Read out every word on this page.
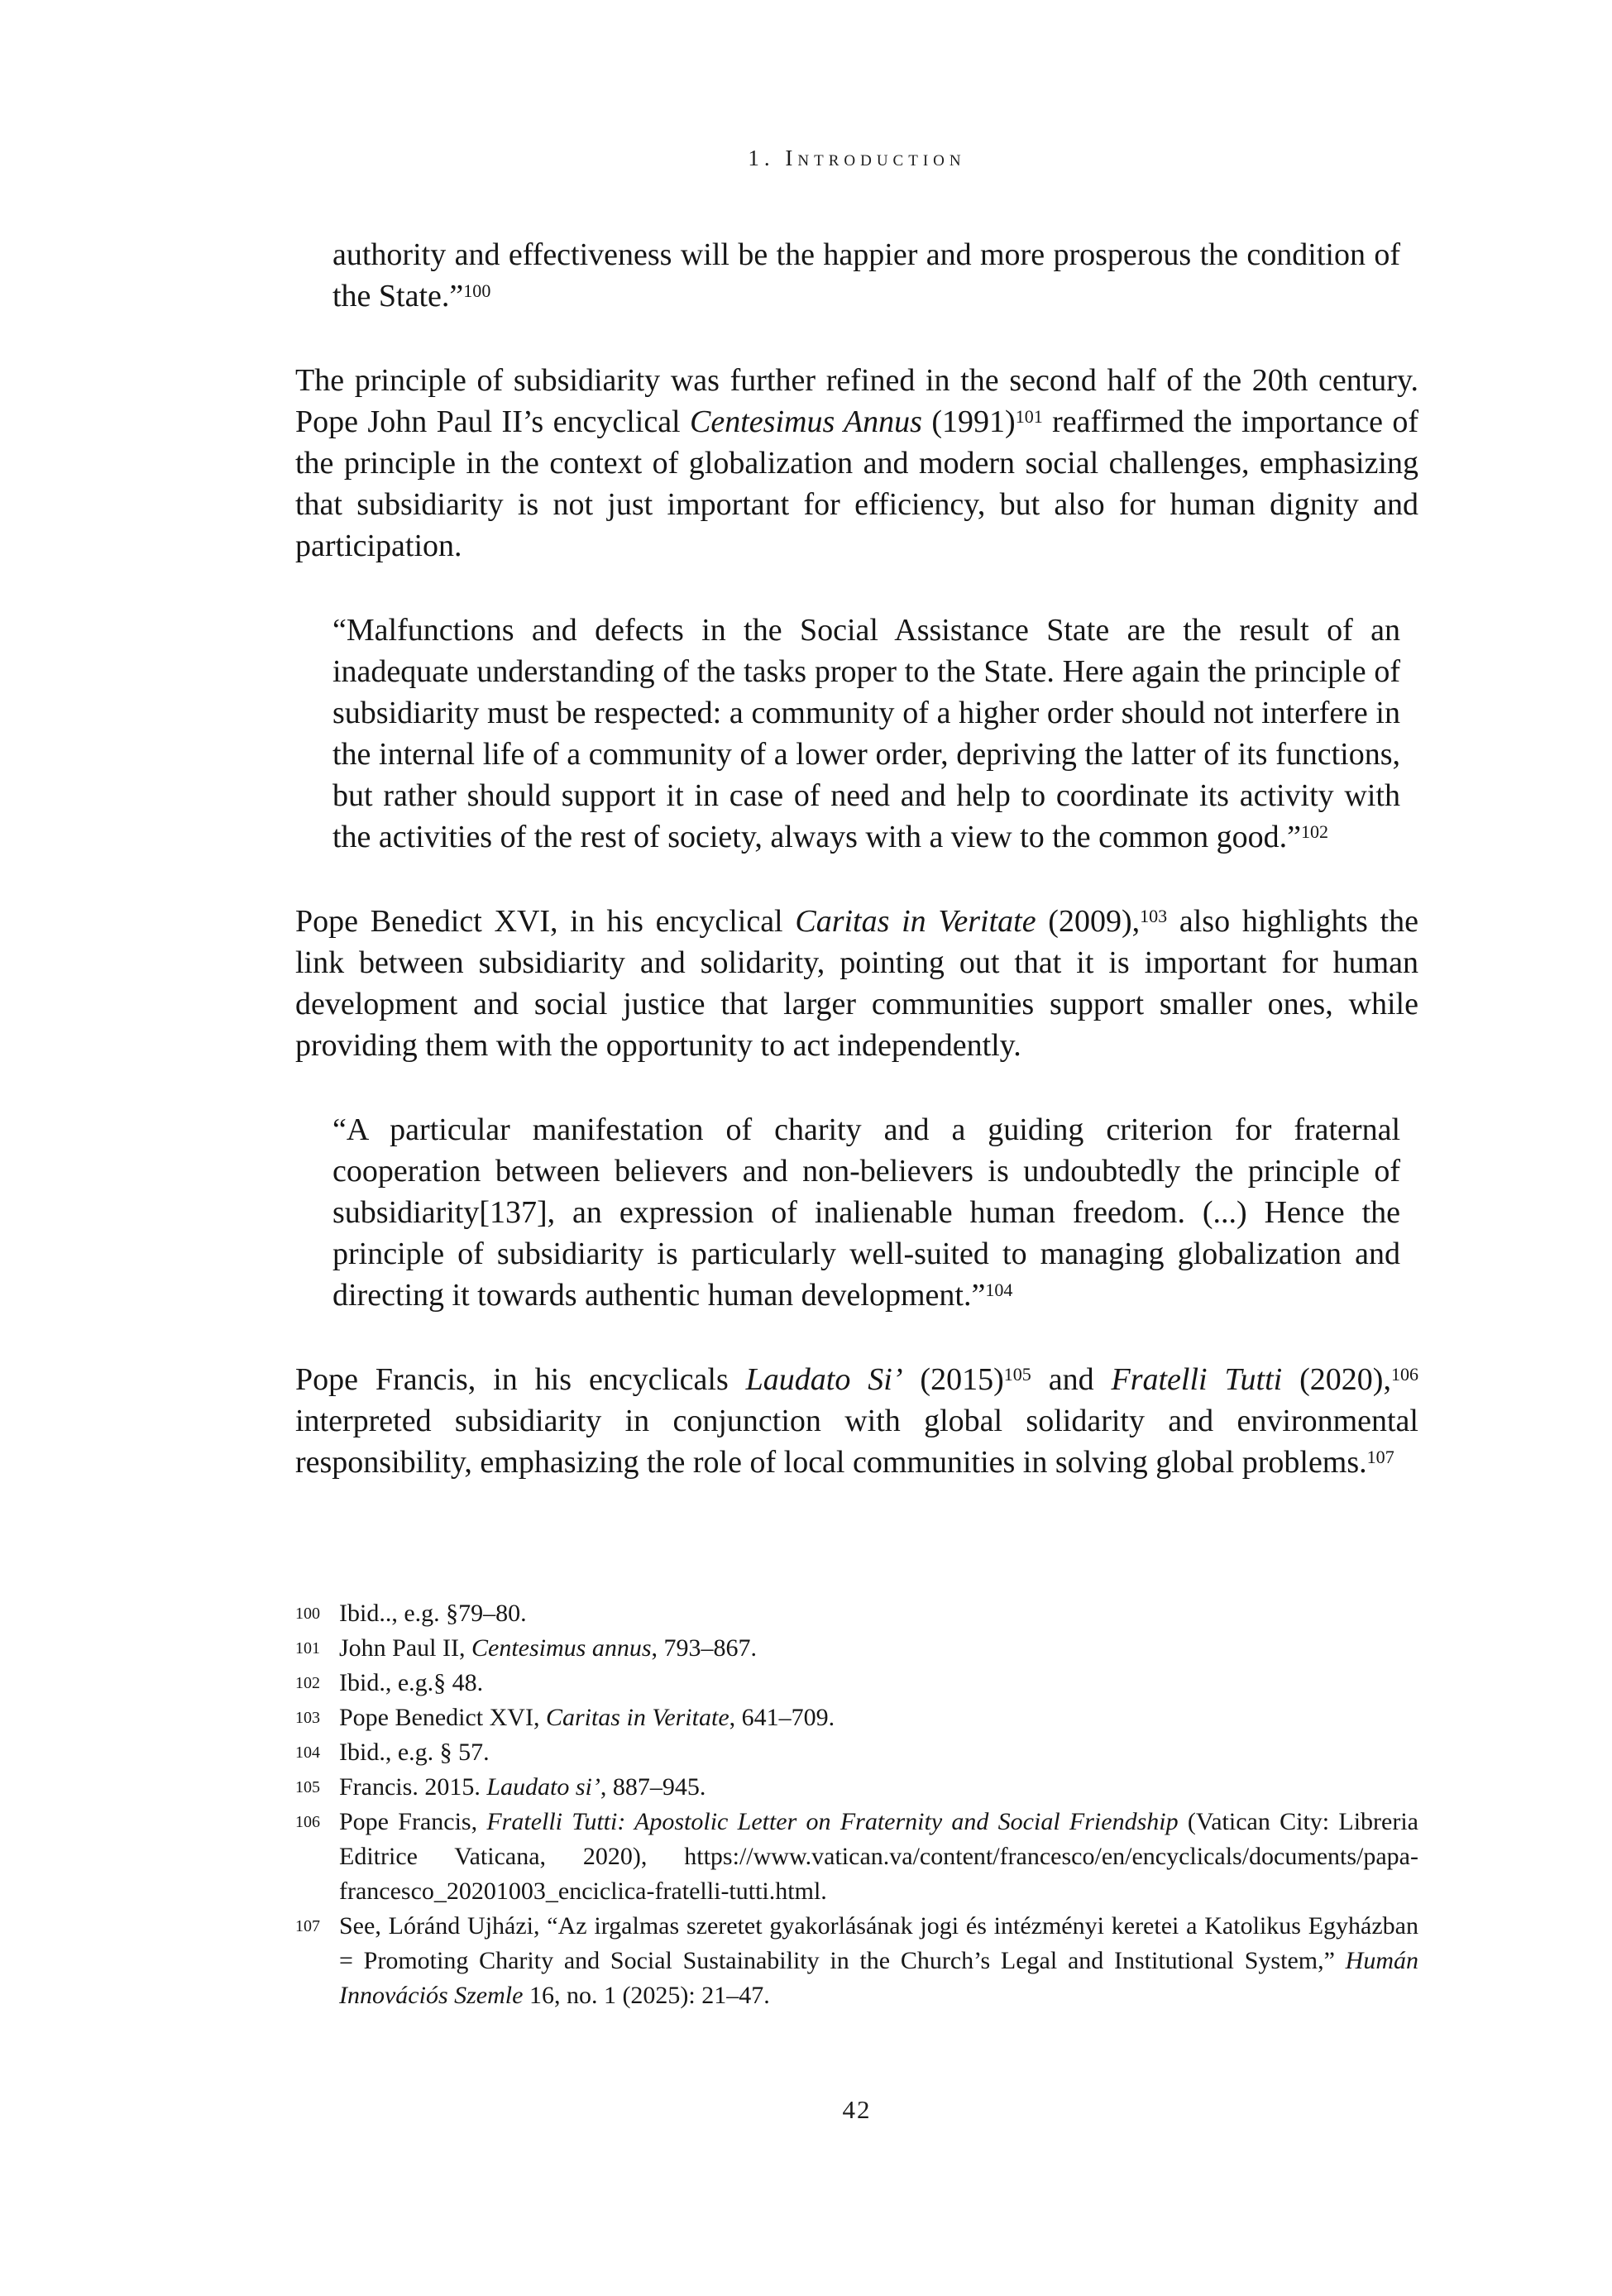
1. Introduction
authority and effectiveness will be the happier and more prosperous the condition of the State.”$^{100}$
The principle of subsidiarity was further refined in the second half of the 20th century. Pope John Paul II’s encyclical Centesimus Annus $(1991)^{101}$ reaffirmed the importance of the principle in the context of globalization and modern social challenges, emphasizing that subsidiarity is not just important for efficiency, but also for human dignity and participation.
“Malfunctions and defects in the Social Assistance State are the result of an inadequate understanding of the tasks proper to the State. Here again the principle of subsidiarity must be respected: a community of a higher order should not interfere in the internal life of a community of a lower order, depriving the latter of its functions, but rather should support it in case of need and help to coordinate its activity with the activities of the rest of society, always with a view to the common good.”$^{102}$
Pope Benedict XVI, in his encyclical Caritas in Veritate (2009),$^{103}$ also highlights the link between subsidiarity and solidarity, pointing out that it is important for human development and social justice that larger communities support smaller ones, while providing them with the opportunity to act independently.
“A particular manifestation of charity and a guiding criterion for fraternal cooperation between believers and non-believers is undoubtedly the principle of subsidiarity[137], an expression of inalienable human freedom. (...) Hence the principle of subsidiarity is particularly well-suited to managing globalization and directing it towards authentic human development.”$^{104}$
Pope Francis, in his encyclicals Laudato Si’ $(2015)^{105}$ and Fratelli Tutti (2020),$^{106}$ interpreted subsidiarity in conjunction with global solidarity and environmental responsibility, emphasizing the role of local communities in solving global problems.$^{107}$
100 Ibid.., e.g. §79–80.
101 John Paul II, Centesimus annus, 793–867.
102 Ibid., e.g.§ 48.
103 Pope Benedict XVI, Caritas in Veritate, 641–709.
104 Ibid., e.g. § 57.
105 Francis. 2015. Laudato si’, 887–945.
106 Pope Francis, Fratelli Tutti: Apostolic Letter on Fraternity and Social Friendship (Vatican City: Libreria Editrice Vaticana, 2020), https://www.vatican.va/content/francesco/en/encyclicals/documents/papa-francesco_20201003_enciclica-fratelli-tutti.html.
107 See, Lóránd Ujházi, “Az irgalmas szeretet gyakorlásának jogi és intézményi keretei a Katolikus Egyházban = Promoting Charity and Social Sustainability in the Church’s Legal and Institutional System,” Humán Innovációs Szemle 16, no. 1 (2025): 21–47.
42
